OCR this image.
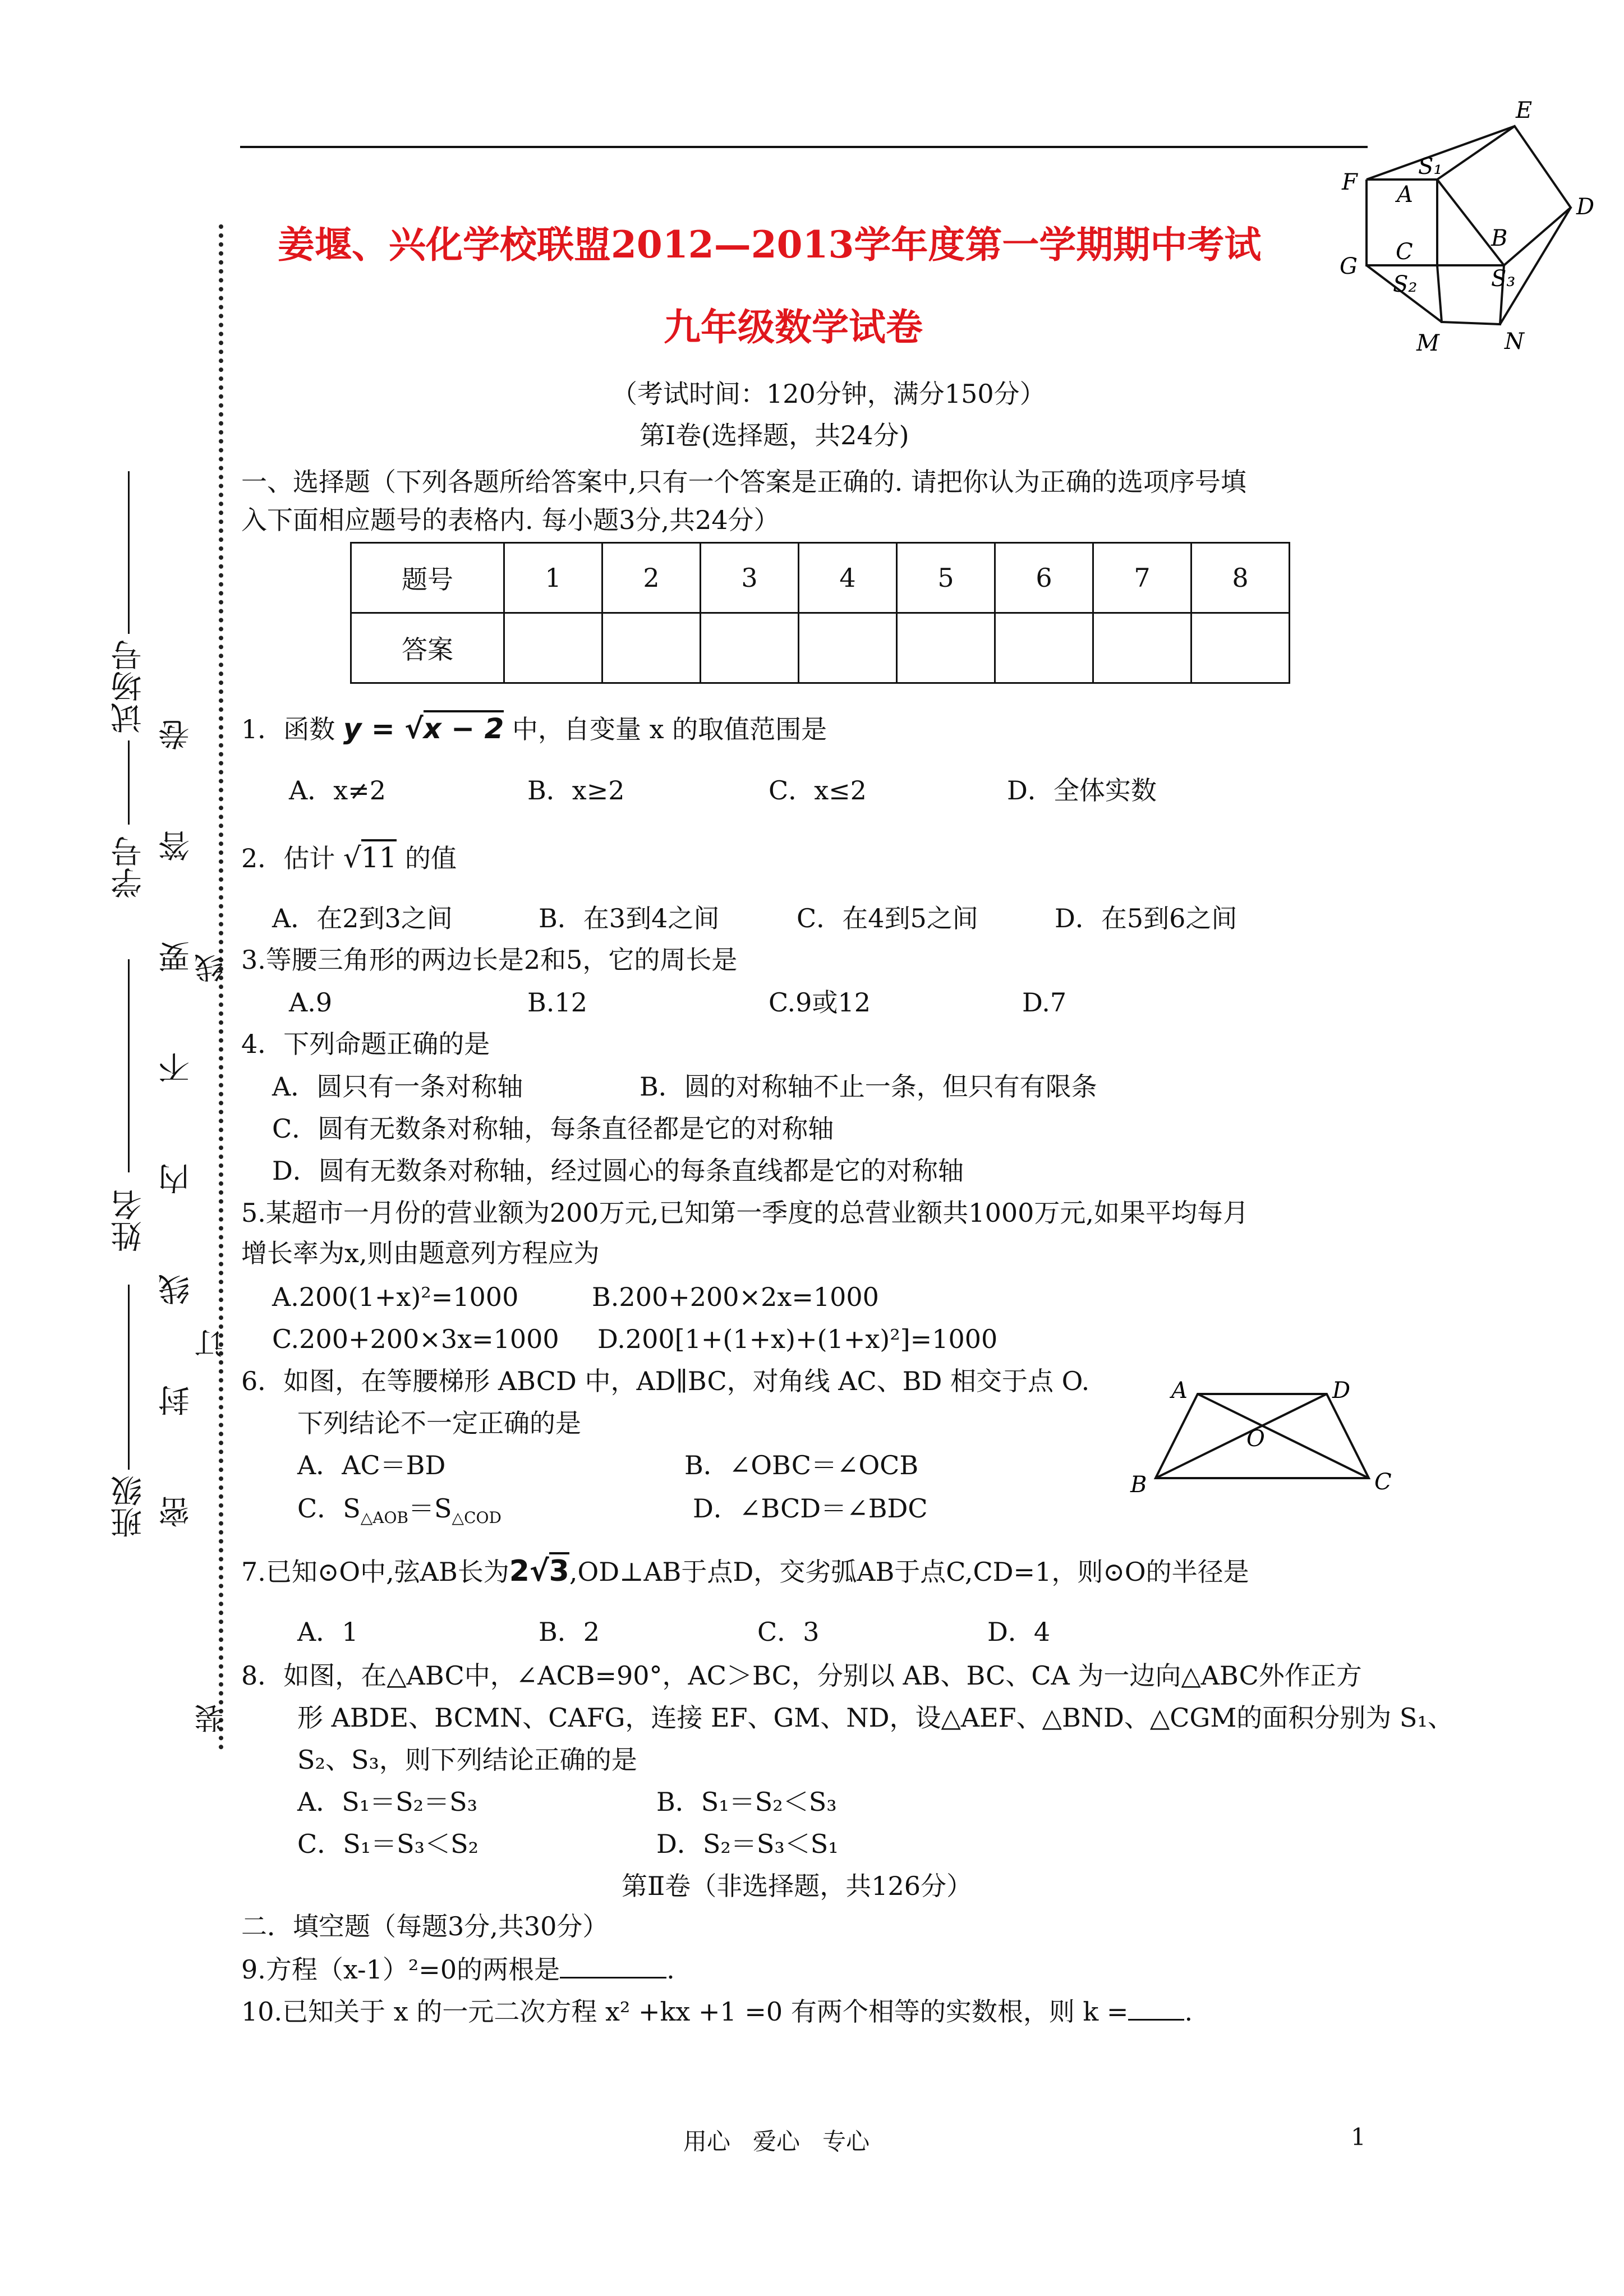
试场号
学号
姓名
班级 密 封 线 内 不 要 答 卷 装 订 线
姜堰、兴化学校联盟2012—2013学年度第一学期期中考试
九年级数学试卷
（考试时间：120分钟，满分150分）
第Ⅰ卷(选择题，共24分)
E
F
S₁
A	D
C
B
G
S₂	S₃
M	N
一、选择题（下列各题所给答案中,只有一个答案是正确的. 请把你认为正确的选项序号填
入下面相应题号的表格内. 每小题3分,共24分）
题号	1	2	3	4	5	6	7	8
答案								
1．函数 y = √x − 2 中，自变量 x 的取值范围是
A．x≠2	B．x≥2	C．x≤2	D．全体实数
2．估计 √11 的值
A．在2到3之间	B．在3到4之间	C．在4到5之间	D．在5到6之间
3.等腰三角形的两边长是2和5，它的周长是
A.9	B.12	C.9或12	D.7
4．下列命题正确的是
A．圆只有一条对称轴	B．圆的对称轴不止一条，但只有有限条
C．圆有无数条对称轴，每条直径都是它的对称轴
D．圆有无数条对称轴，经过圆心的每条直线都是它的对称轴
5.某超市一月份的营业额为200万元,已知第一季度的总营业额共1000万元,如果平均每月
增长率为x,则由题意列方程应为
A.200(1+x)²=1000	B.200+200×2x=1000
C.200+200×3x=1000 D.200[1+(1+x)+(1+x)²]=1000
6．如图，在等腰梯形 ABCD 中，AD∥BC，对角线 AC、BD 相交于点 O.
下列结论不一定正确的是
A．AC＝BD	B．∠OBC＝∠OCB
C．$S_{\triangle AOB}=S_{\triangle COD}$	D．∠BCD＝∠BDC
A	D
O
B	C
7.已知⊙O中,弦AB长为2√3,OD⊥AB于点D，交劣弧AB于点C,CD=1，则⊙O的半径是
A．1	B．2	C．3	D．4
8．如图，在△ABC中，∠ACB=90°，AC＞BC，分别以 AB、BC、CA 为一边向△ABC外作正方
形 ABDE、BCMN、CAFG，连接 EF、GM、ND，设△AEF、△BND、△CGM的面积分别为 S₁、
S₂、S₃，则下列结论正确的是
A．S₁＝S₂＝S₃	B．S₁＝S₂＜S₃
C．S₁＝S₃＜S₂	D．S₂＝S₃＜S₁
第Ⅱ卷（非选择题，共126分）
二．填空题（每题3分,共30分）
9.方程（x-1）²=0的两根是	.
10.已知关于 x 的一元二次方程 x² +kx +1 =0 有两个相等的实数根，则 k = .
用心   爱心   专心	1
